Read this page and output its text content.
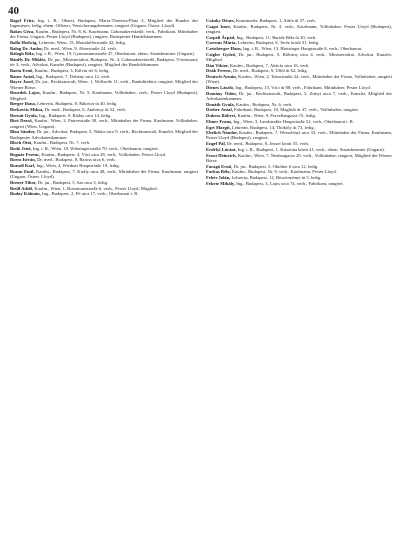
40

Bagel Fritz, Ing. i. R., Oberst, Budapest, Maria-Theresia-Platz 3, Mitglied des Bundes der Ingenieure, ledig, ehem. Offizier, Versicherungsbeamter, rangiert (Ungarn, Österr. Lloyd).

Bakos Géza, Kaufm., Budapest, Nr. 8, K. Kaufmann, Gabonakereskedő, verh., Fabrikant, Mitinhaber der Firma, Ungarn, Pester Lloyd (Budapest), rangiert, Budapester Handelskammer.

Balla Hedwig, Lehrerin, Wien, 15, Mariahilferstraße 42, ledig.

Balog Dr. Andor, Dr. med., Wien, 9, Alserstraße 24, verh.

Balogh Béla, Ing. i. R., Wien, 19, Gymnasiumstraße 47, Oberbaurat, ehem. Staatsbeamter (Ungarn).

Bánffy Dr. Miklós, Dr. jur., Ministerialrat, Budapest, Nr. 4, Gabonakereskedő, Budapest, Vörösmarty tér 3, verh., Advokat, Kanzlei (Budapest), rangiert, Mitglied der Handelskammer.

Barta Ernő, Kaufm., Budapest, 3, Kálvin tér 6, ledig.

Bauer Antal, Ing., Budapest, 7, Dohány utca 12, verh.

Bayer Josef, Dr. jur., Rechtsanwalt, Wien, 1, Wollzeile 11, verh., Bankdirektor, rangiert, Mitglied der Wiener Börse.

Benedek Lajos, Kaufm., Budapest, Nr. 5, Kaufmann, Vollinhaber, verh., Pester Lloyd (Budapest), Mitglied.

Berger Ilona, Lehrerin, Budapest, 8, Rákóczi út 40, ledig.

Berkovits Miksa, Dr. med., Budapest, 6, Andrássy út 52, verh.

Bernát Gyula, Ing., Budapest, 9, Ráday utca 14, ledig.

Biró Dezső, Kaufm., Wien, 2, Praterstraße 30, verh., Mitinhaber der Firma, Kaufmann, Vollinhaber, rangiert (Wien, Ungarn).

Blau Sándor, Dr. jur., Advokat, Budapest, 5, Nádor utca 9, verh., Rechtsanwalt, Kanzlei, Mitglied der Budapester Advokatenkammer.

Bloch Ottó, Kaufm., Budapest, Nr. 7, verh.

Bodó Jenő, Ing. i. R., Wien, 18, Währingerstraße 70, verh., Oberbaurat, rangiert.

Bognár Ferenc, Kaufm., Budapest, 4, Váci utca 28, verh., Vollinhaber, Pester Lloyd.

Boros István, Dr. med., Budapest, 8, Baross utca 6, verh.

Brandl Karl, Ing., Wien, 4, Wiedner Hauptstraße 19, ledig.

Braun Emil, Kaufm., Budapest, 7, Király utca 48, verh., Mitinhaber der Firma, Kaufmann, rangiert (Ungarn, Österr. Lloyd).

Breuer Tibor, Dr. jur., Budapest, 5, Sas utca 3, ledig.

Brüll Adolf, Kaufm., Wien, 1, Rotenturmstraße 6, verh., Pester Lloyd, Mitglied.

Buday Kálmán, Ing., Budapest, 2, Fő utca 17, verh., Oberbaurat i. R.

Csánky Dénes, Kunstmaler, Budapest, 1, Attila út 37, verh.

Csapó Imre, Kaufm., Budapest, Nr. 3, verh., Kaufmann, Vollinhaber, Pester Lloyd (Budapest), rangiert.

Csepeli Árpád, Ing., Budapest, 11, Bartók Béla út 20, verh.

Csernus Mária, Lehrerin, Budapest, 6, Teréz körút 31, ledig.

Czeisberger Hans, Ing. i. R., Wien, 13, Hietzinger Hauptstraße 8, verh., Oberbaurat.

Czigler Győző, Dr. jur., Budapest, 5, Bálvány utca 4, verh., Ministerialrat, Advokat, Kanzlei, Mitglied.

Dán Viktor, Kaufm., Budapest, 7, Akácfa utca 16, verh.

Deák Ferenc, Dr. med., Budapest, 9, Üllői út 62, ledig.

Deutsch Armin, Kaufm., Wien, 2, Taborstraße 24, verh., Mitinhaber der Firma, Vollinhaber, rangiert (Wien).

Dienes László, Ing., Budapest, 13, Váci út 88, verh., Fabrikant, Mitinhaber, Pester Lloyd.

Domány Ödön, Dr. jur., Rechtsanwalt, Budapest, 5, Zrínyi utca 7, verh., Kanzlei, Mitglied der Advokatenkammer.

Donáth Gyula, Kaufm., Budapest, Nr. 6, verh.

Dreher Antal, Fabrikant, Budapest, 10, Maglódi út 47, verh., Vollinhaber, rangiert.

Dukesz Róbert, Kaufm., Wien, 9, Porzellangasse 15, ledig.

Ebner Franz, Ing., Wien, 3, Landstraßer Hauptstraße 52, verh., Oberbaurat i. R.

Egri Margit, Lehrerin, Budapest, 14, Thököly út 73, ledig.

Ehrlich Nándor, Kaufm., Budapest, 7, Wesselényi utca 33, verh., Mitinhaber der Firma, Kaufmann, Pester Lloyd (Budapest), rangiert.

Engel Pál, Dr. med., Budapest, 8, József körút 55, verh.

Erdélyi Lóránt, Ing. i. R., Budapest, 1, Krisztina körút 41, verh., ehem. Staatsbeamter (Ungarn).

Ernst Heinrich, Kaufm., Wien, 7, Neubaugasse 29, verh., Vollinhaber, rangiert, Mitglied der Wiener Börse.

Faragó Ernő, Dr. jur., Budapest, 5, Október 6 utca 12, ledig.

Farkas Béla, Kaufm., Budapest, Nr. 9, verh., Kaufmann, Pester Lloyd.

Fehér Jolán, Lehrerin, Budapest, 12, Böszörményi út 5, ledig.

Fekete Mihály, Ing., Budapest, 3, Lajos utca 74, verh., Fabrikant, rangiert.
